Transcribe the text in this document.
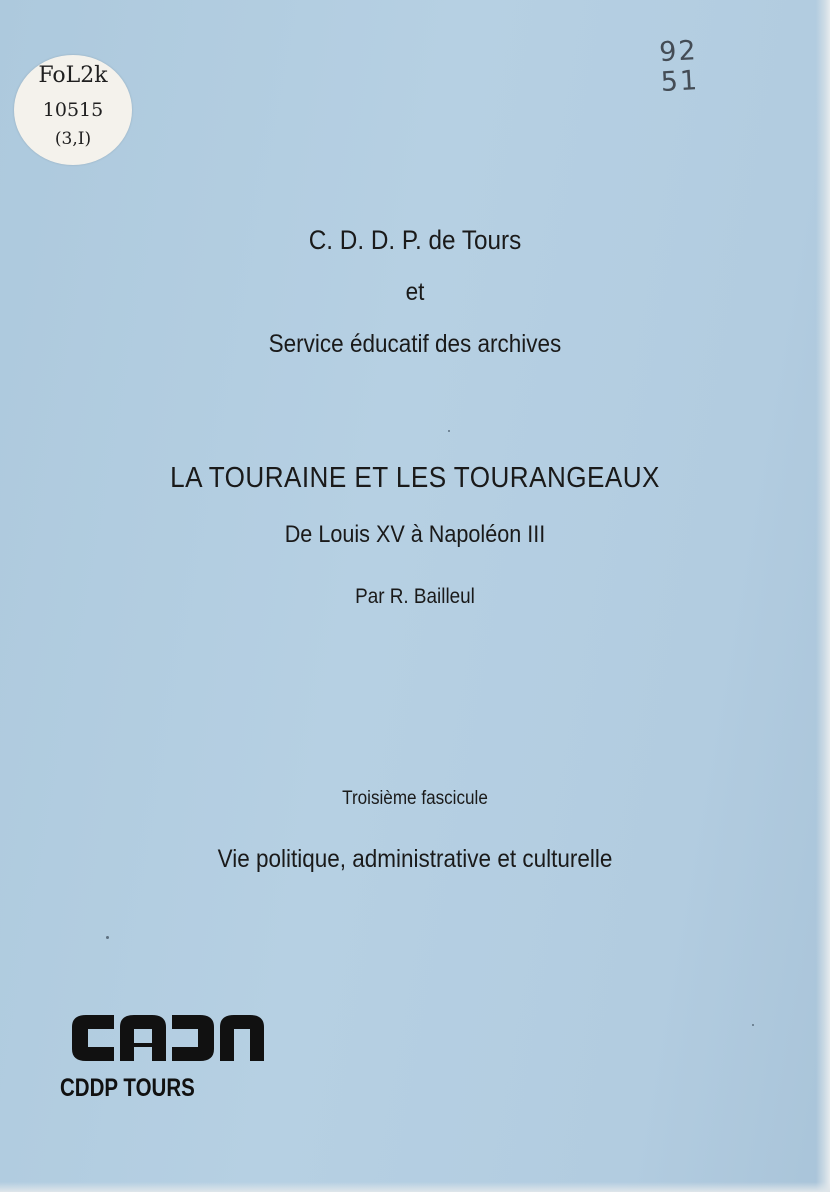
FoL2k
10515
(3,I)
92
51
C. D. D. P. de Tours
et
Service éducatif des archives
LA TOURAINE ET LES TOURANGEAUX
De Louis XV à Napoléon III
Par R. Bailleul
Troisième fascicule
Vie politique, administrative et culturelle
CDDP TOURS
